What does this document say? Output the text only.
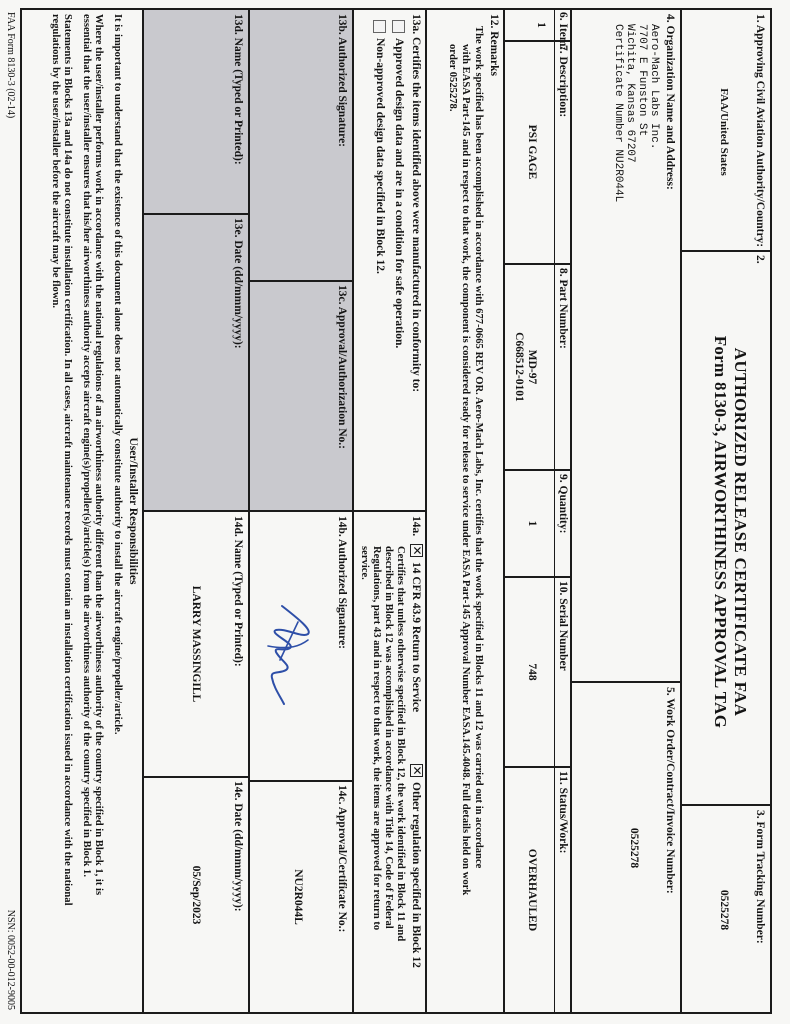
1. Approving Civil Aviation Authority/Country:
FAA/United States
2.
AUTHORIZED RELEASE CERTIFICATE FAA
Form 8130-3, AIRWORTHINESS APPROVAL TAG
3. Form Tracking Number:
0525278
4. Organization Name and Address:
Aero-Mach Labs Inc.
7707 E Funston St
Wichita, Kansas 67207
Certificate Number NU2R044L
5. Work Order/Contract/Invoice Number:
0525278
6. Item:
7. Description:
8. Part Number:
9. Quantity:
10. Serial Number
11. Status/Work:
1
PSI GAGE
MD-97
C668512-0101
1
748
OVERHAULED
12. Remarks
The work specified has been accomplished in accordance with 677-0665 REV OR. Aero-Mach Labs, Inc. certifies that the work specified in Blocks 11 and 12 was carried out in accordance
with EASA Part-145 and in respect to that work, the component is considered ready for release to service under EASA Part-145 Approval Number EASA.145.4048. Full details held on work
order 0525278.
13a. Certifies the items identified above were manufactured in conformity to:
Approved design data and are in a condition for safe operation.
Non-approved design data specified in Block 12.
13b. Authorized Signature:
13c. Approval/Authorization No.:
13d. Name (Typed or Printed):
13e. Date (dd/mmm/yyyy):
14a.
✕
14 CFR 43.9 Return to Service
✕
Other regulation specified in Block 12
Certifies that unless otherwise specified in Block 12, the work identified in Block 11 and
described in Block 12 was accomplished in accordance with Title 14, Code of Federal
Regulations, part 43 and in respect to that work, the items are approved for return to
service.
14b. Authorized Signature:
14c. Approval/Certificate No.:
NU2R044L
14d. Name (Typed or Printed):
LARRY MASSINGILL
14e. Date (dd/mmm/yyyy):
05/Sep/2023
User/Installer Responsibilities
It is important to understand that the existence of this document alone does not automatically constitute authority to install the aircraft engine/propeller/article.
Where the user/installer performs work in accordance with the national regulations of an airworthiness authority different than the airworthiness authority of the country specified in Block 1, it is
essential that the user/installer ensures that his/her airworthiness authority accepts aircraft engine(s)/propeller(s)/article(s) from the airworthiness authority of the country specified in Block 1.
Statements in Blocks 13a and 14a do not constitute installation certification. In all cases, aircraft maintenance records must contain an installation certification issued in accordance with the national
regulations by the user/installer before the aircraft may be flown.
FAA Form 8130-3 (02-14)
NSN: 0052-00-012-9005
